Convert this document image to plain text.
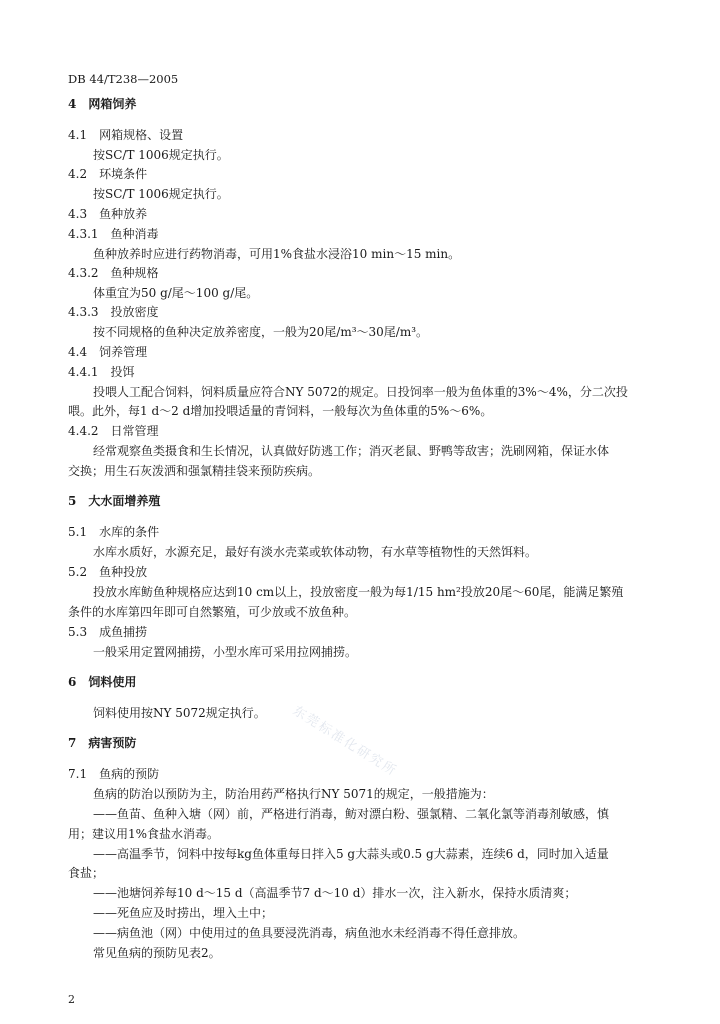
DB 44/T238—2005
4　网箱饲养
4.1　网箱规格、设置
按SC/T 1006规定执行。
4.2　环境条件
按SC/T 1006规定执行。
4.3　鱼种放养
4.3.1　鱼种消毒
鱼种放养时应进行药物消毒，可用1%食盐水浸浴10 min～15 min。
4.3.2　鱼种规格
体重宜为50 g/尾～100 g/尾。
4.3.3　投放密度
按不同规格的鱼种决定放养密度，一般为20尾/m³～30尾/m³。
4.4　饲养管理
4.4.1　投饵
投喂人工配合饲料，饲料质量应符合NY 5072的规定。日投饲率一般为鱼体重的3%～4%，分二次投
喂。此外，每1 d～2 d增加投喂适量的青饲料，一般每次为鱼体重的5%～6%。
4.4.2　日常管理
经常观察鱼类摄食和生长情况，认真做好防逃工作；消灭老鼠、野鸭等敌害；洗刷网箱，保证水体
交换；用生石灰泼洒和强氯精挂袋来预防疾病。
5　大水面增养殖
5.1　水库的条件
水库水质好，水源充足，最好有淡水壳菜或软体动物，有水草等植物性的天然饵料。
5.2　鱼种投放
投放水库鲂鱼种规格应达到10 cm以上，投放密度一般为每1/15 hm²投放20尾～60尾，能满足繁殖
条件的水库第四年即可自然繁殖，可少放或不放鱼种。
5.3　成鱼捕捞
一般采用定置网捕捞，小型水库可采用拉网捕捞。
6　饲料使用
饲料使用按NY 5072规定执行。
7　病害预防
7.1　鱼病的预防
鱼病的防治以预防为主，防治用药严格执行NY 5071的规定，一般措施为：
——鱼苗、鱼种入塘（网）前，严格进行消毒，鲂对漂白粉、强氯精、二氧化氯等消毒剂敏感，慎
用；建议用1%食盐水消毒。
——高温季节，饲料中按每kg鱼体重每日拌入5 g大蒜头或0.5 g大蒜素，连续6 d，同时加入适量
食盐；
——池塘饲养每10 d～15 d（高温季节7 d～10 d）排水一次，注入新水，保持水质清爽；
——死鱼应及时捞出，埋入土中；
——病鱼池（网）中使用过的鱼具要浸洗消毒，病鱼池水未经消毒不得任意排放。
常见鱼病的预防见表2。
2
东莞标准化研究所
